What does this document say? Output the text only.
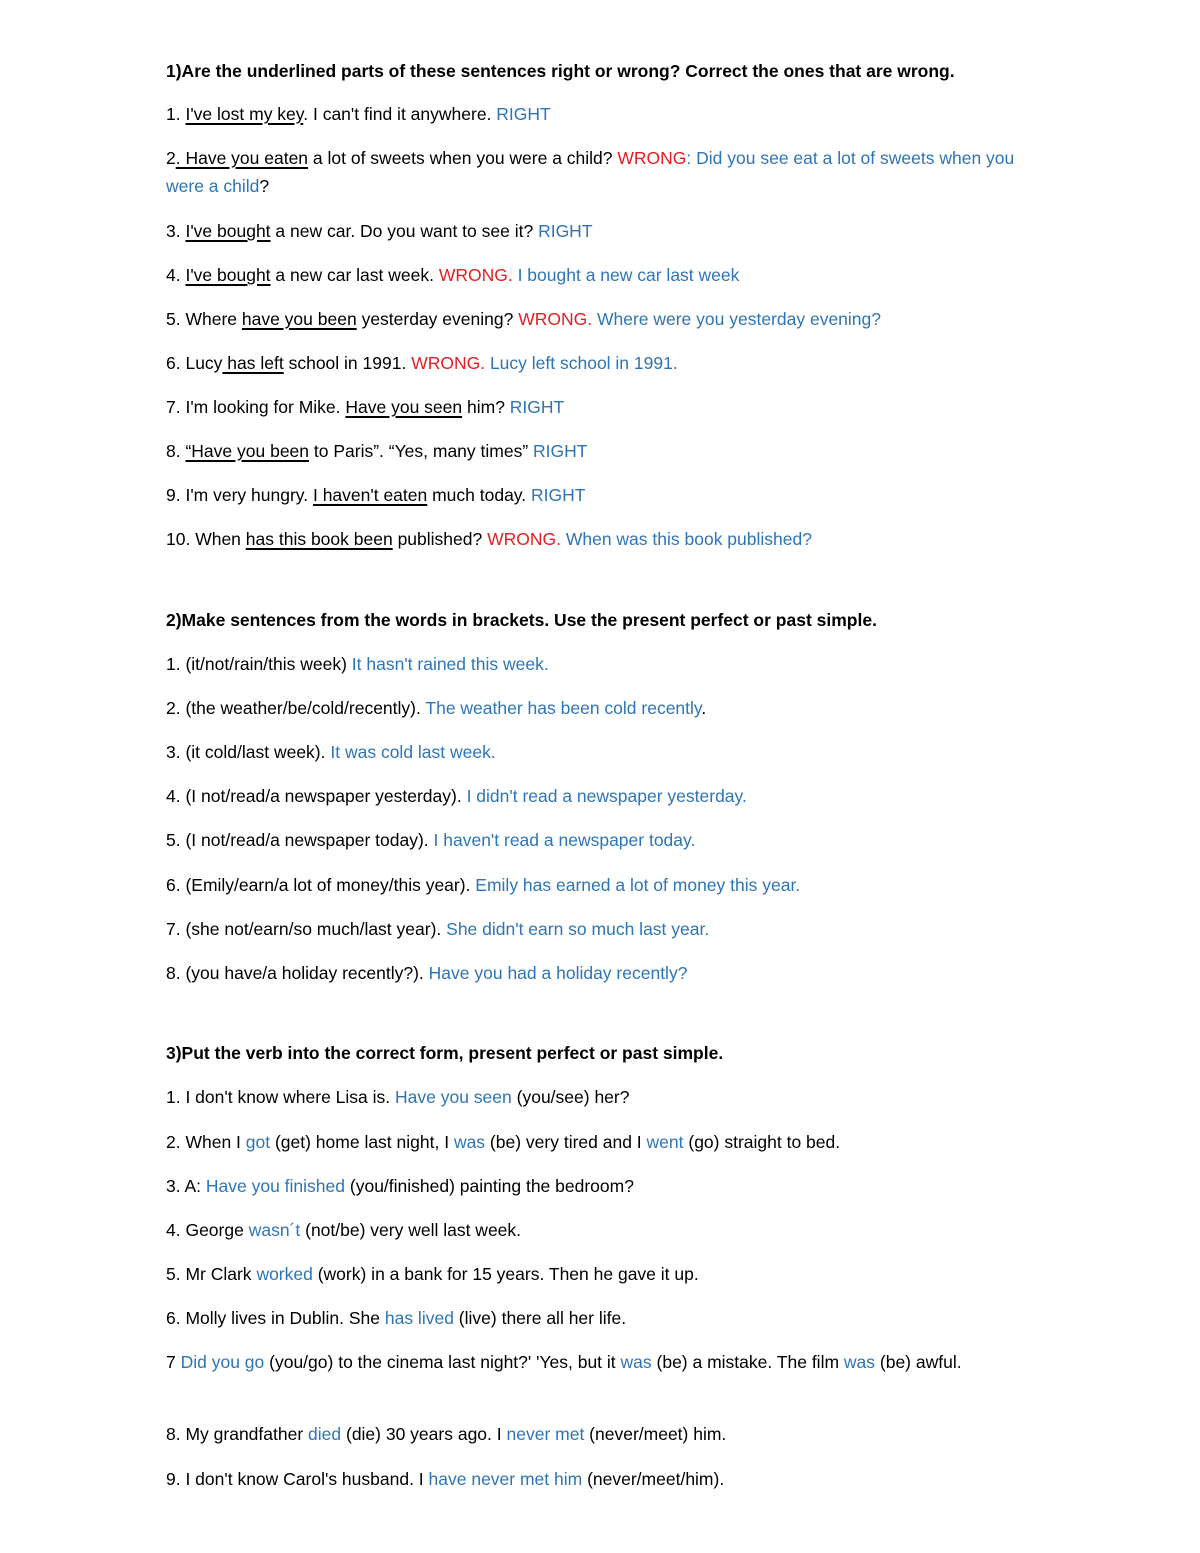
1)Are the underlined parts of these sentences right or wrong? Correct the ones that are wrong.
1. I've lost my key. I can't find it anywhere. RIGHT
2. Have you eaten a lot of sweets when you were a child? WRONG: Did you see eat a lot of sweets when you were a child?
3. I've bought a new car. Do you want to see it? RIGHT
4. I've bought a new car last week. WRONG. I bought a new car last week
5. Where have you been yesterday evening? WRONG. Where were you yesterday evening?
6. Lucy has left school in 1991. WRONG. Lucy left school in 1991.
7. I'm looking for Mike. Have you seen him? RIGHT
8. “Have you been to Paris”. “Yes, many times” RIGHT
9. I'm very hungry. I haven't eaten much today. RIGHT
10. When has this book been published? WRONG. When was this book published?
2)Make sentences from the words in brackets. Use the present perfect or past simple.
1. (it/not/rain/this week) It hasn't rained this week.
2. (the weather/be/cold/recently). The weather has been cold recently.
3. (it cold/last week). It was cold last week.
4. (I not/read/a newspaper yesterday). I didn't read a newspaper yesterday.
5. (I not/read/a newspaper today). I haven't read a newspaper today.
6. (Emily/earn/a lot of money/this year). Emily has earned a lot of money this year.
7. (she not/earn/so much/last year). She didn't earn so much last year.
8. (you have/a holiday recently?). Have you had a holiday recently?
3)Put the verb into the correct form, present perfect or past simple.
1. I don't know where Lisa is. Have you seen (you/see) her?
2. When I got (get) home last night, I was (be) very tired and I went (go) straight to bed.
3. A: Have you finished (you/finished) painting the bedroom?
4. George wasn´t (not/be) very well last week.
5. Mr Clark worked (work) in a bank for 15 years. Then he gave it up.
6. Molly lives in Dublin. She has lived (live) there all her life.
7 Did you go (you/go) to the cinema last night?' 'Yes, but it was (be) a mistake. The film was (be) awful.
8. My grandfather died (die) 30 years ago. I never met (never/meet) him.
9. I don't know Carol's husband. I have never met him (never/meet/him).
